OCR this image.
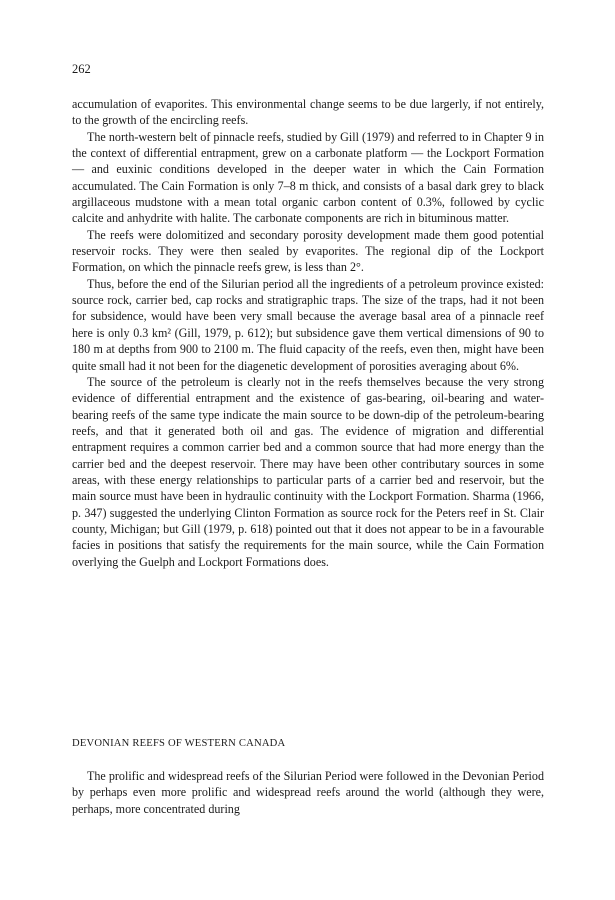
262

accumulation of evaporites. This environmental change seems to be due largerly, if not entirely, to the growth of the encircling reefs.

The north-western belt of pinnacle reefs, studied by Gill (1979) and referred to in Chapter 9 in the context of differential entrapment, grew on a carbonate platform — the Lockport Formation — and euxinic conditions developed in the deeper water in which the Cain Formation accumulated. The Cain Formation is only 7–8 m thick, and consists of a basal dark grey to black argillaceous mudstone with a mean total organic carbon content of 0.3%, followed by cyclic calcite and anhydrite with halite. The carbonate components are rich in bituminous matter.

The reefs were dolomitized and secondary porosity development made them good potential reservoir rocks. They were then sealed by evaporites. The regional dip of the Lockport Formation, on which the pinnacle reefs grew, is less than 2°.

Thus, before the end of the Silurian period all the ingredients of a petroleum province existed: source rock, carrier bed, cap rocks and stratigraphic traps. The size of the traps, had it not been for subsidence, would have been very small because the average basal area of a pinnacle reef here is only 0.3 km² (Gill, 1979, p. 612); but subsidence gave them vertical dimensions of 90 to 180 m at depths from 900 to 2100 m. The fluid capacity of the reefs, even then, might have been quite small had it not been for the diagenetic development of porosities averaging about 6%.

The source of the petroleum is clearly not in the reefs themselves because the very strong evidence of differential entrapment and the existence of gas-bearing, oil-bearing and water-bearing reefs of the same type indicate the main source to be down-dip of the petroleum-bearing reefs, and that it generated both oil and gas. The evidence of migration and differential entrapment requires a common carrier bed and a common source that had more energy than the carrier bed and the deepest reservoir. There may have been other contributary sources in some areas, with these energy relationships to particular parts of a carrier bed and reservoir, but the main source must have been in hydraulic continuity with the Lockport Formation. Sharma (1966, p. 347) suggested the underlying Clinton Formation as source rock for the Peters reef in St. Clair county, Michigan; but Gill (1979, p. 618) pointed out that it does not appear to be in a favourable facies in positions that satisfy the requirements for the main source, while the Cain Formation overlying the Guelph and Lockport Formations does.

DEVONIAN REEFS OF WESTERN CANADA

The prolific and widespread reefs of the Silurian Period were followed in the Devonian Period by perhaps even more prolific and widespread reefs around the world (although they were, perhaps, more concentrated during
